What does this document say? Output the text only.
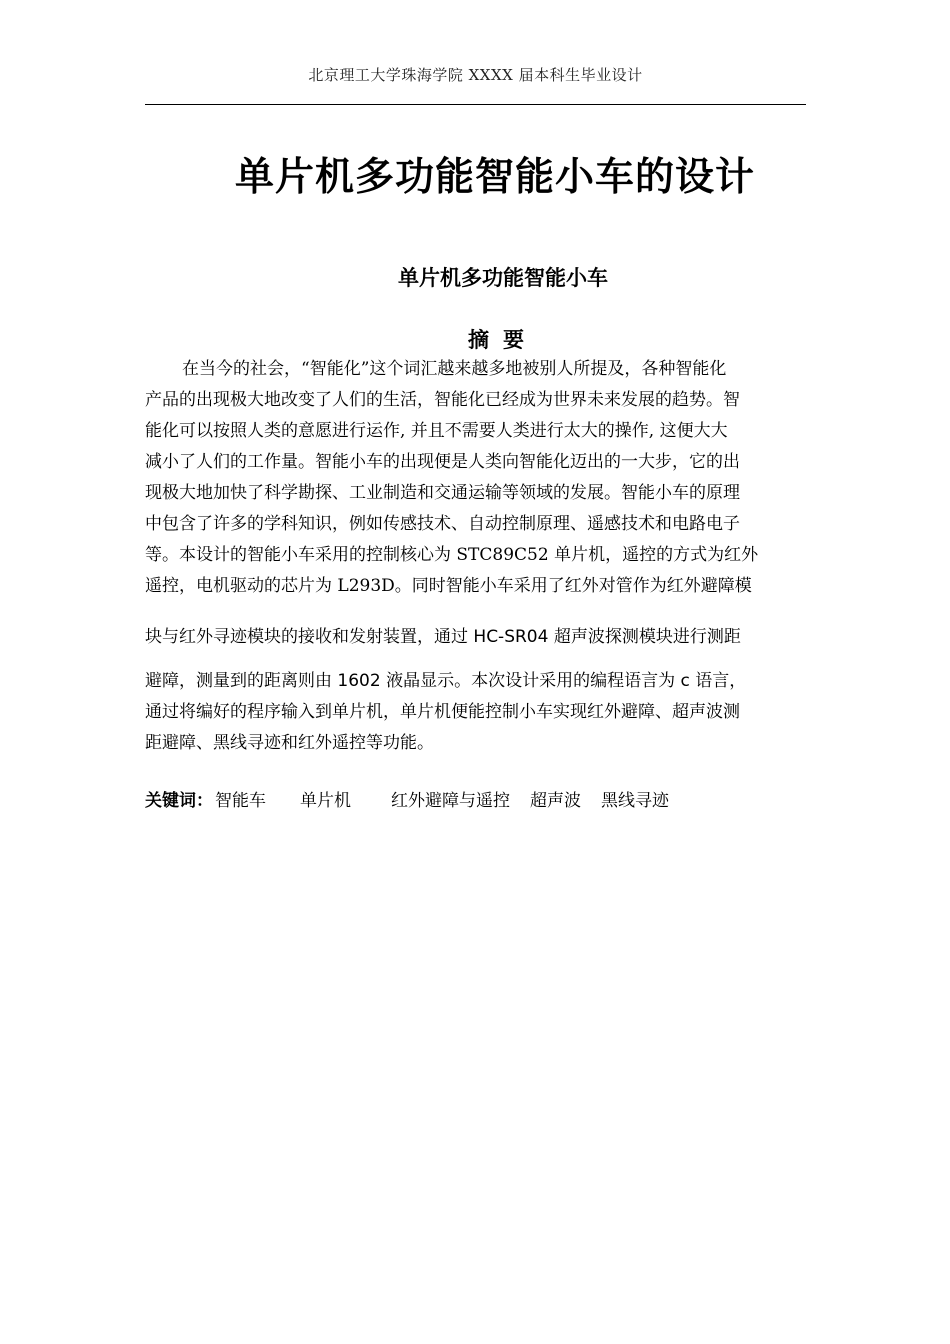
北京理工大学珠海学院 XXXX 届本科生毕业设计
单片机多功能智能小车的设计
单片机多功能智能小车
摘要
在当今的社会，“智能化”这个词汇越来越多地被别人所提及，各种智能化
产品的出现极大地改变了人们的生活，智能化已经成为世界未来发展的趋势。智
能化可以按照人类的意愿进行运作, 并且不需要人类进行太大的操作, 这便大大
减小了人们的工作量。智能小车的出现便是人类向智能化迈出的一大步，它的出
现极大地加快了科学勘探、工业制造和交通运输等领域的发展。智能小车的原理
中包含了许多的学科知识，例如传感技术、自动控制原理、遥感技术和电路电子
等。本设计的智能小车采用的控制核心为 STC89C52 单片机，遥控的方式为红外
遥控，电机驱动的芯片为 L293D。同时智能小车采用了红外对管作为红外避障模
块与红外寻迹模块的接收和发射装置，通过 HC-SR04 超声波探测模块进行测距
避障，测量到的距离则由 1602 液晶显示。本次设计采用的编程语言为 c 语言，
通过将编好的程序输入到单片机，单片机便能控制小车实现红外避障、超声波测
距避障、黑线寻迹和红外遥控等功能。
关键词： 智能车 单片机 红外避障与遥控 超声波 黑线寻迹
